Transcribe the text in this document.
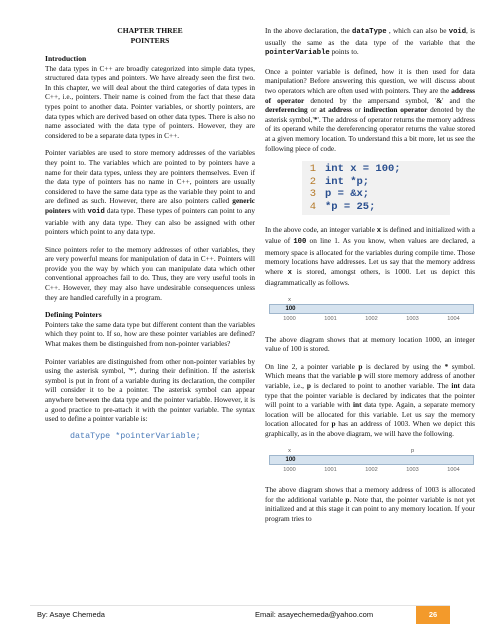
CHAPTER THREE
POINTERS
Introduction

The data types in C++ are broadly categorized into simple data types, structured data types and pointers. We have already seen the first two. In this chapter, we will deal about the third categories of data types in C++, i.e., pointers. Their name is coined from the fact that these data types point to another data. Pointer variables, or shortly pointers, are data types which are derived based on other data types. There is also no name associated with the data type of pointers. However, they are considered to be a separate data types in C++.

Pointer variables are used to store memory addresses of the variables they point to. The variables which are pointed to by pointers have a name for their data types, unless they are pointers themselves. Even if the data type of pointers has no name in C++, pointers are usually considered to have the same data type as the variable they point to and are defined as such. However, there are also pointers called generic pointers with void data type. These types of pointers can point to any variable with any data type. They can also be assigned with other pointers which point to any data type.

Since pointers refer to the memory addresses of other variables, they are very powerful means for manipulation of data in C++. Pointers will provide you the way by which you can manipulate data which other conventional approaches fail to do. Thus, they are very useful tools in C++. However, they may also have undesirable consequences unless they are handled carefully in a program.

Defining Pointers

Pointers take the same data type but different content than the variables which they point to. If so, how are these pointer variables are defined? What makes them be distinguished from non-pointer variables?

Pointer variables are distinguished from other non-pointer variables by using the asterisk symbol, '*', during their definition. If the asterisk symbol is put in front of a variable during its declaration, the compiler will consider it to be a pointer. The asterisk symbol can appear anywhere between the data type and the pointer variable. However, it is a good practice to pre-attach it with the pointer variable. The syntax used to define a pointer variable is:

dataType *pointerVariable;

In the above declaration, the dataType , which can also be void, is usually the same as the data type of the variable that the pointerVariable points to.

Once a pointer variable is defined, how it is then used for data manipulation? Before answering this question, we will discuss about two operators which are often used with pointers. They are the address of operator denoted by the ampersand symbol, '&' and the dereferencing or at address or indirection operator denoted by the asterisk symbol,'*'. The address of operator returns the memory address of its operand while the dereferencing operator returns the value stored at a given memory location. To understand this a bit more, let us see the following piece of code.

1 int x = 100;
2 int *p;
3 p = &x;
4 *p = 25;

In the above code, an integer variable x is defined and initialized with a value of 100 on line 1. As you know, when values are declared, a memory space is allocated for the variables during compile time. Those memory locations have addresses. Let us say that the memory address where x is stored, amongst others, is 1000. Let us depict this diagrammatically as follows.

x
100
1000	1001	1002	1003	1004

The above diagram shows that at memory location 1000, an integer value of 100 is stored.

On line 2, a pointer variable p is declared by using the * symbol. Which means that the variable p will store memory address of another variable, i.e., p is declared to point to another variable. The int data type that the pointer variable is declared by indicates that the pointer will point to a variable with int data type. Again, a separate memory location will be allocated for this variable. Let us say the memory location allocated for p has an address of 1003. When we depict this graphically, as in the above diagram, we will have the following.

x	p
100
1000	1001	1002	1003	1004

The above diagram shows that a memory address of 1003 is allocated for the additional variable p. Note that, the pointer variable is not yet initialized and at this stage it can point to any memory location. If your program tries to

By: Asaye Chemeda	Email: asayechemeda@yahoo.com	26
